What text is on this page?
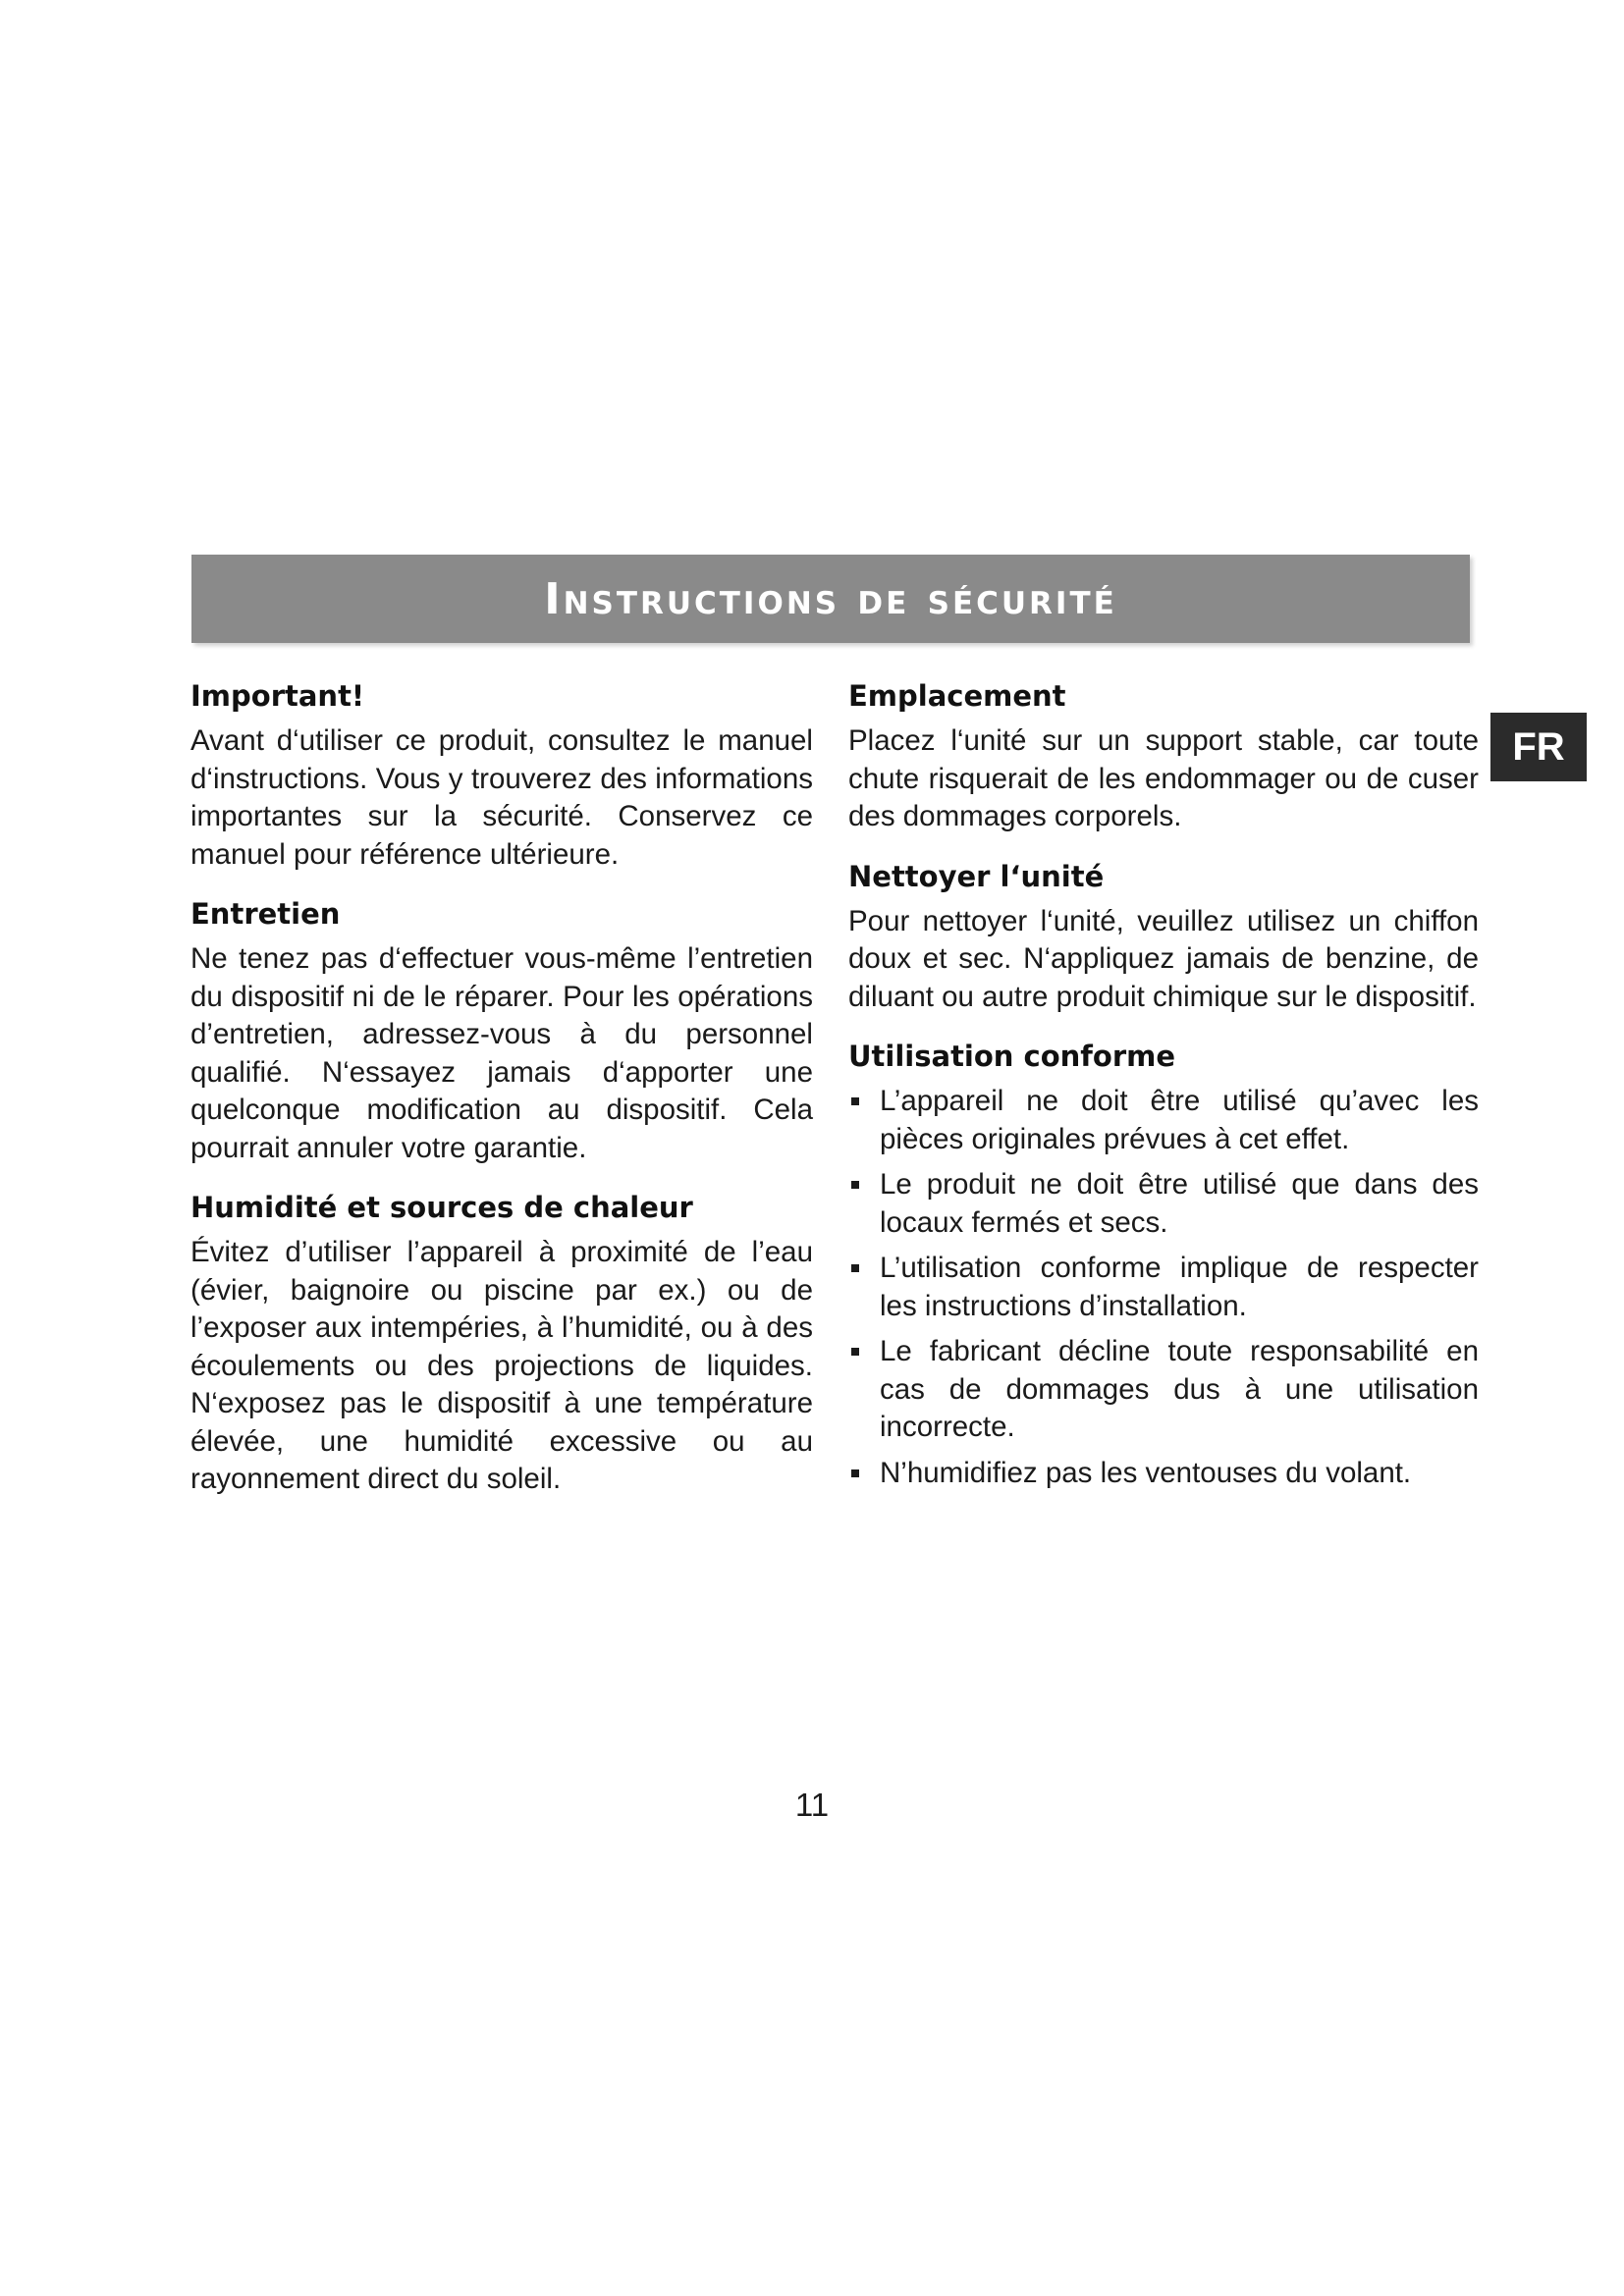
Instructions de sécurité
FR

Important!

Avant d‘utiliser ce produit, consultez le manuel d‘instructions. Vous y trouverez des informations importantes sur la sécurité. Conservez ce manuel pour référence ultérieure.

Entretien

Ne tenez pas d‘effectuer vous-même l’entretien du dispositif ni de le réparer. Pour les opérations d’entretien, adressez-vous à du personnel qualifié. N‘essayez jamais d‘apporter une quelconque modification au dispositif. Cela pourrait annuler votre garantie.

Humidité et sources de chaleur

Évitez d’utiliser l’appareil à proximité de l’eau (évier, baignoire ou piscine par ex.) ou de l’exposer aux intempéries, à l’humidité, ou à des écoulements ou des projections de liquides. N‘exposez pas le dispositif à une température élevée, une humidité excessive ou au rayonnement direct du soleil.

Emplacement

Placez l‘unité sur un support stable, car toute chute risquerait de les endommager ou de cuser des dommages corporels.

Nettoyer l‘unité

Pour nettoyer l‘unité, veuillez utilisez un chiffon doux et sec. N‘appliquez jamais de benzine, de diluant ou autre produit chimique sur le dispositif.

Utilisation conforme

L’appareil ne doit être utilisé qu’avec les pièces originales prévues à cet effet.
Le produit ne doit être utilisé que dans des locaux fermés et secs.
L’utilisation conforme implique de respecter les instructions d’installation.
Le fabricant décline toute responsabilité en cas de dommages dus à une utilisation incorrecte.
N’humidifiez pas les ventouses du volant.
11
